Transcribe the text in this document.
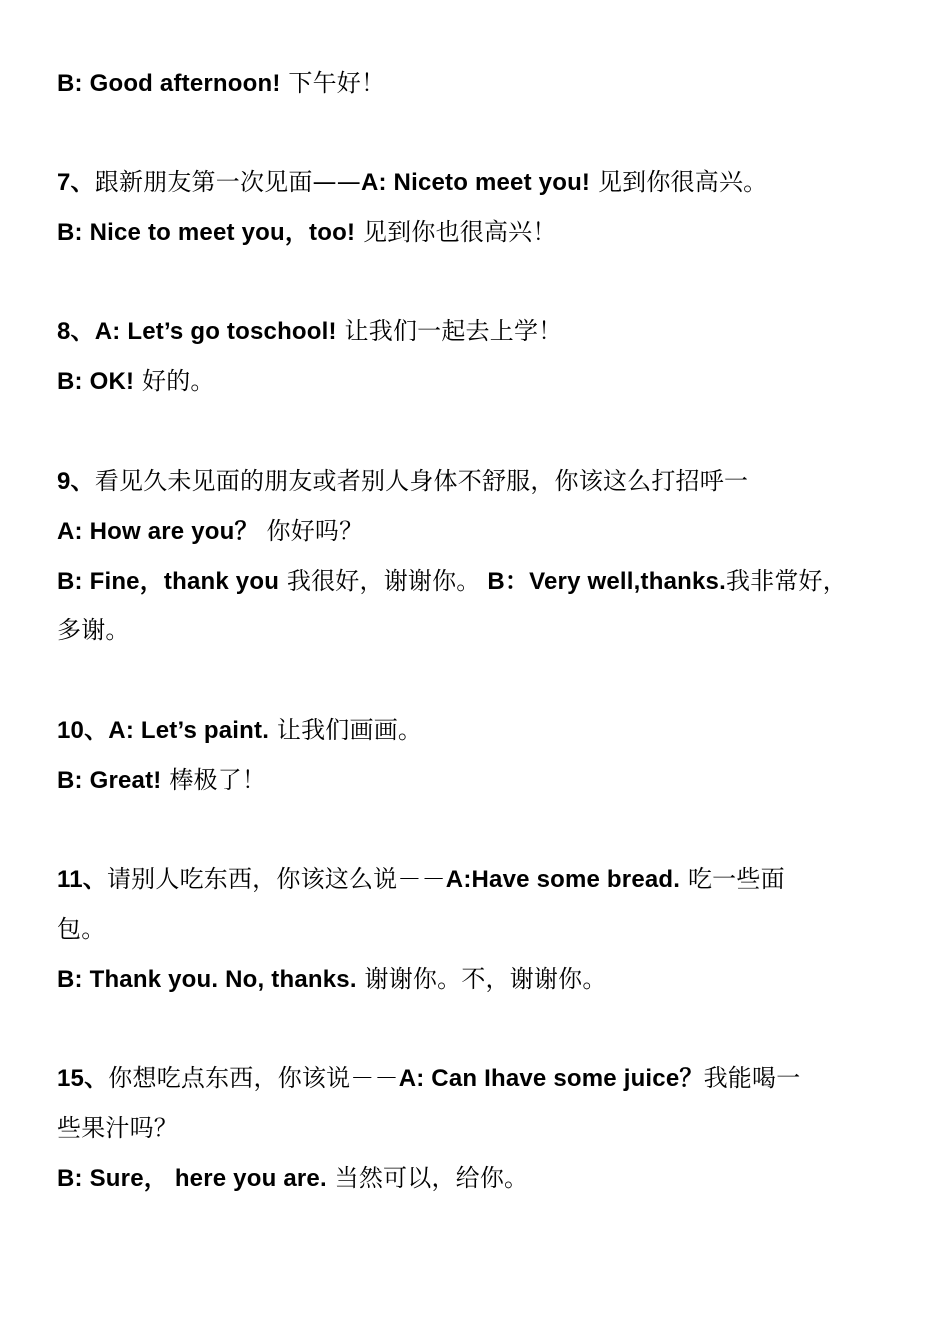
B: Good afternoon! 下午好！
7、跟新朋友第一次见面——A: Niceto meet you! 见到你很高兴。
B: Nice to meet you，too! 见到你也很高兴！
8、A: Let’s go toschool! 让我们一起去上学！
B: OK! 好的。
9、看见久未见面的朋友或者别人身体不舒服，你该这么打招呼一
A: How are you？ 你好吗？
B: Fine，thank you 我很好，谢谢你。 B：Very well,thanks.我非常好，
多谢。
10、A: Let’s paint. 让我们画画。
B: Great! 棒极了！
11、请别人吃东西，你该这么说－－A:Have some bread. 吃一些面
包。
B: Thank you. No, thanks. 谢谢你。不，谢谢你。
15、你想吃点东西，你该说－－A: Can Ihave some juice？我能喝一
些果汁吗？
B: Sure， here you are. 当然可以，给你。
